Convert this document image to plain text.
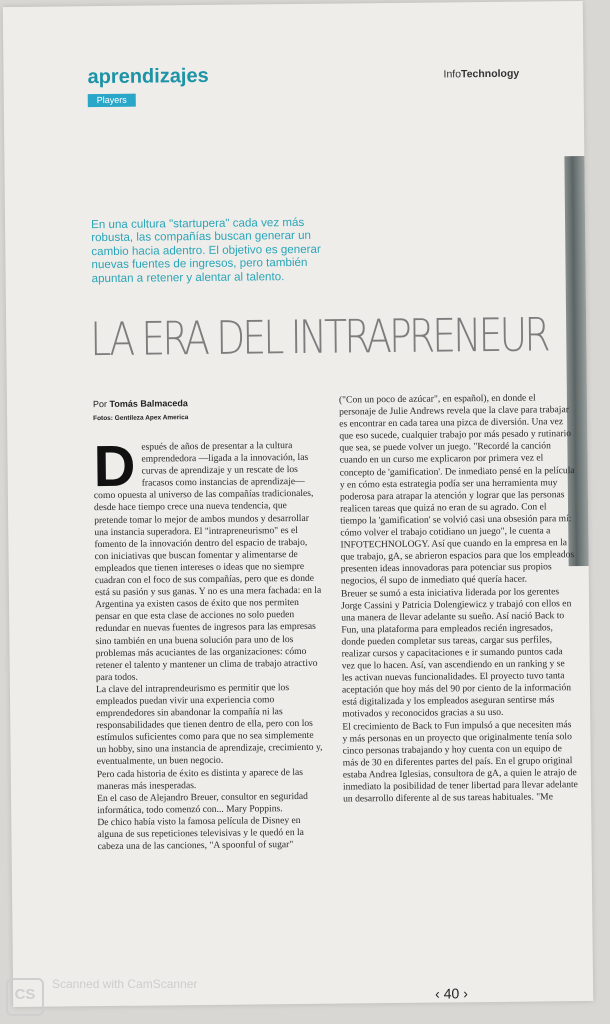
aprendizajes
Players
InfoTechnology
En una cultura "startupera" cada vez más robusta, las compañías buscan generar un cambio hacia adentro. El objetivo es generar nuevas fuentes de ingresos, pero también apuntan a retener y alentar al talento.
LA ERA DEL INTRAPRENEUR
Por Tomás Balmaceda
Fotos: Gentileza Apex America

Después de años de presentar a la cultura emprendedora —ligada a la innovación, las curvas de aprendizaje y un rescate de los fracasos como instancias de aprendizaje— como opuesta al universo de las compañías tradicionales, desde hace tiempo crece una nueva tendencia, que pretende tomar lo mejor de ambos mundos y desarrollar una instancia superadora. El "intrapreneurismo" es el fomento de la innovación dentro del espacio de trabajo, con iniciativas que buscan fomentar y alimentarse de empleados que tienen intereses o ideas que no siempre cuadran con el foco de sus compañías, pero que es donde está su pasión y sus ganas. Y no es una mera fachada: en la Argentina ya existen casos de éxito que nos permiten pensar en que esta clase de acciones no solo pueden redundar en nuevas fuentes de ingresos para las empresas sino también en una buena solución para uno de los problemas más acuciantes de las organizaciones: cómo retener el talento y mantener un clima de trabajo atractivo para todos.

La clave del intraprendeurismo es permitir que los empleados puedan vivir una experiencia como emprendedores sin abandonar la compañía ni las responsabilidades que tienen dentro de ella, pero con los estímulos suficientes como para que no sea simplemente un hobby, sino una instancia de aprendizaje, crecimiento y, eventualmente, un buen negocio.

Pero cada historia de éxito es distinta y aparece de las maneras más inesperadas.

En el caso de Alejandro Breuer, consultor en seguridad informática, todo comenzó con... Mary Poppins.

De chico había visto la famosa película de Disney en alguna de sus repeticiones televisivas y le quedó en la cabeza una de las canciones, "A spoonful of sugar"

("Con un poco de azúcar", en español), en donde el personaje de Julie Andrews revela que la clave para trabajar es encontrar en cada tarea una pizca de diversión. Una vez que eso sucede, cualquier trabajo por más pesado y rutinario que sea, se puede volver un juego. "Recordé la canción cuando en un curso me explicaron por primera vez el concepto de 'gamification'. De inmediato pensé en la película y en cómo esta estrategia podía ser una herramienta muy poderosa para atrapar la atención y lograr que las personas realicen tareas que quizá no eran de su agrado. Con el tiempo la 'gamification' se volvió casi una obsesión para mí: cómo volver el trabajo cotidiano un juego", le cuenta a INFOTECHNOLOGY. Así que cuando en la empresa en la que trabajo, gA, se abrieron espacios para que los empleados presenten ideas innovadoras para potenciar sus propios negocios, él supo de inmediato qué quería hacer.

Breuer se sumó a esta iniciativa liderada por los gerentes Jorge Cassini y Patricia Dolengiewicz y trabajó con ellos en una manera de llevar adelante su sueño. Así nació Back to Fun, una plataforma para empleados recién ingresados, donde pueden completar sus tareas, cargar sus perfiles, realizar cursos y capacitaciones e ir sumando puntos cada vez que lo hacen. Así, van ascendiendo en un ranking y se les activan nuevas funcionalidades. El proyecto tuvo tanta aceptación que hoy más del 90 por ciento de la información está digitalizada y los empleados aseguran sentirse más motivados y reconocidos gracias a su uso.

El crecimiento de Back to Fun impulsó a que necesiten más y más personas en un proyecto que originalmente tenía solo cinco personas trabajando y hoy cuenta con un equipo de más de 30 en diferentes partes del país. En el grupo original estaba Andrea Iglesias, consultora de gA, a quien le atrajo de inmediato la posibilidad de tener libertad para llevar adelante un desarrollo diferente al de sus tareas habituales. "Me

‹ 40 ›
CS
Scanned with CamScanner
